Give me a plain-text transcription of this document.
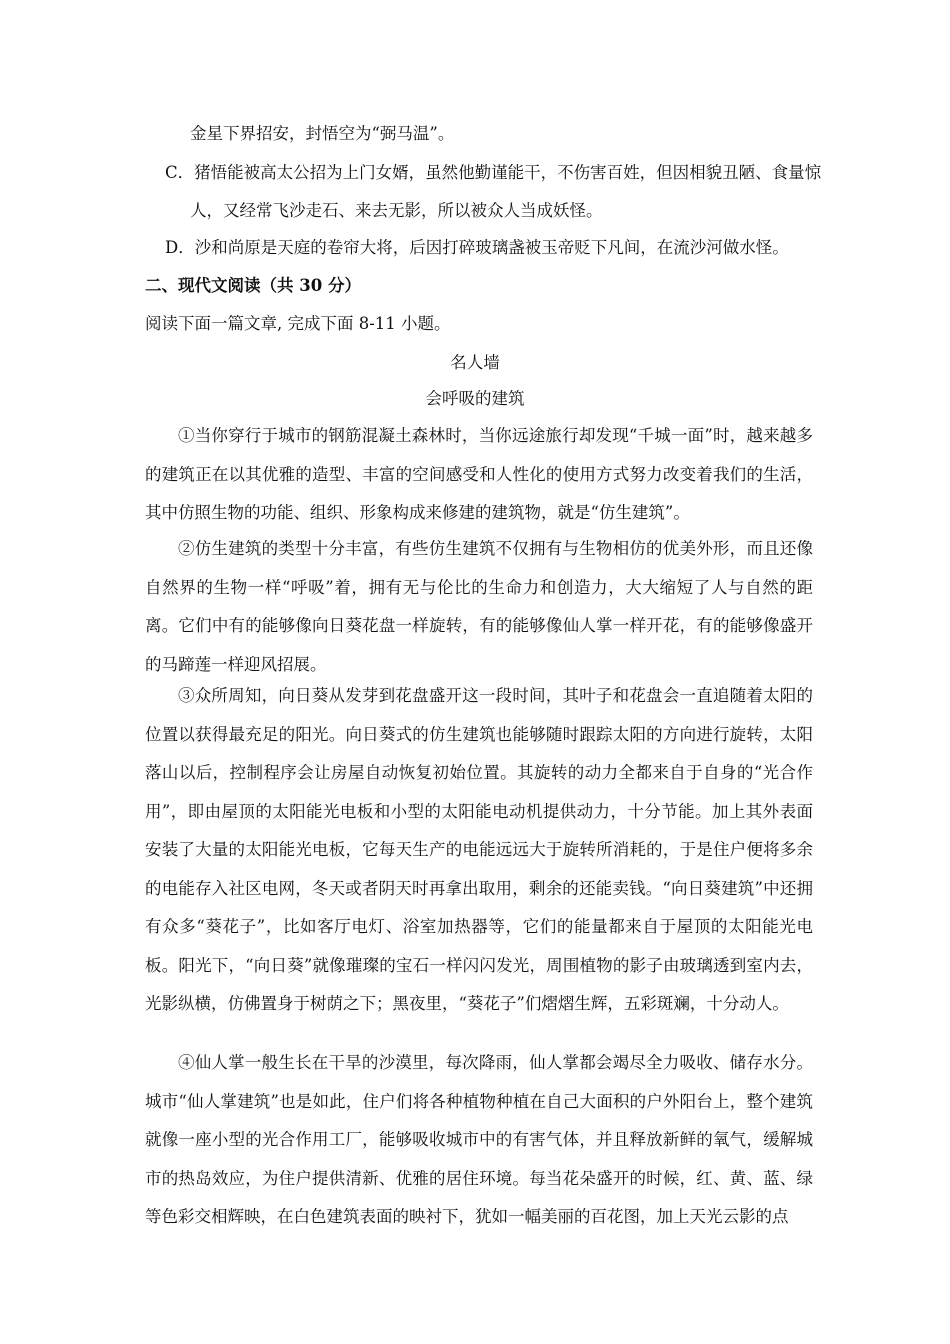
金星下界招安，封悟空为“弼马温”。
C．猪悟能被高太公招为上门女婿，虽然他勤谨能干，不伤害百姓，但因相貌丑陋、食量惊人，又经常飞沙走石、来去无影，所以被众人当成妖怪。
D．沙和尚原是天庭的卷帘大将，后因打碎玻璃盏被玉帝贬下凡间，在流沙河做水怪。
二、现代文阅读（共 30 分）
阅读下面一篇文章, 完成下面 8-11 小题。
名人墙
会呼吸的建筑
①当你穿行于城市的钢筋混凝土森林时，当你远途旅行却发现“千城一面”时，越来越多的建筑正在以其优雅的造型、丰富的空间感受和人性化的使用方式努力改变着我们的生活，其中仿照生物的功能、组织、形象构成来修建的建筑物，就是“仿生建筑”。
②仿生建筑的类型十分丰富，有些仿生建筑不仅拥有与生物相仿的优美外形，而且还像自然界的生物一样“呼吸”着，拥有无与伦比的生命力和创造力，大大缩短了人与自然的距离。它们中有的能够像向日葵花盘一样旋转，有的能够像仙人掌一样开花，有的能够像盛开的马蹄莲一样迎风招展。
③众所周知，向日葵从发芽到花盘盛开这一段时间，其叶子和花盘会一直追随着太阳的位置以获得最充足的阳光。向日葵式的仿生建筑也能够随时跟踪太阳的方向进行旋转，太阳落山以后，控制程序会让房屋自动恢复初始位置。其旋转的动力全都来自于自身的“光合作用”，即由屋顶的太阳能光电板和小型的太阳能电动机提供动力，十分节能。加上其外表面安装了大量的太阳能光电板，它每天生产的电能远远大于旋转所消耗的，于是住户便将多余的电能存入社区电网，冬天或者阴天时再拿出取用，剩余的还能卖钱。“向日葵建筑”中还拥有众多“葵花子”，比如客厅电灯、浴室加热器等，它们的能量都来自于屋顶的太阳能光电板。阳光下，“向日葵”就像璀璨的宝石一样闪闪发光，周围植物的影子由玻璃透到室内去，光影纵横，仿佛置身于树荫之下；黑夜里，“葵花子”们熠熠生辉，五彩斑斓，十分动人。
④仙人掌一般生长在干旱的沙漠里，每次降雨，仙人掌都会竭尽全力吸收、储存水分。城市“仙人掌建筑”也是如此，住户们将各种植物种植在自己大面积的户外阳台上，整个建筑就像一座小型的光合作用工厂，能够吸收城市中的有害气体，并且释放新鲜的氧气，缓解城市的热岛效应，为住户提供清新、优雅的居住环境。每当花朵盛开的时候，红、黄、蓝、绿等色彩交相辉映，在白色建筑表面的映衬下，犹如一幅美丽的百花图，加上天光云影的点
